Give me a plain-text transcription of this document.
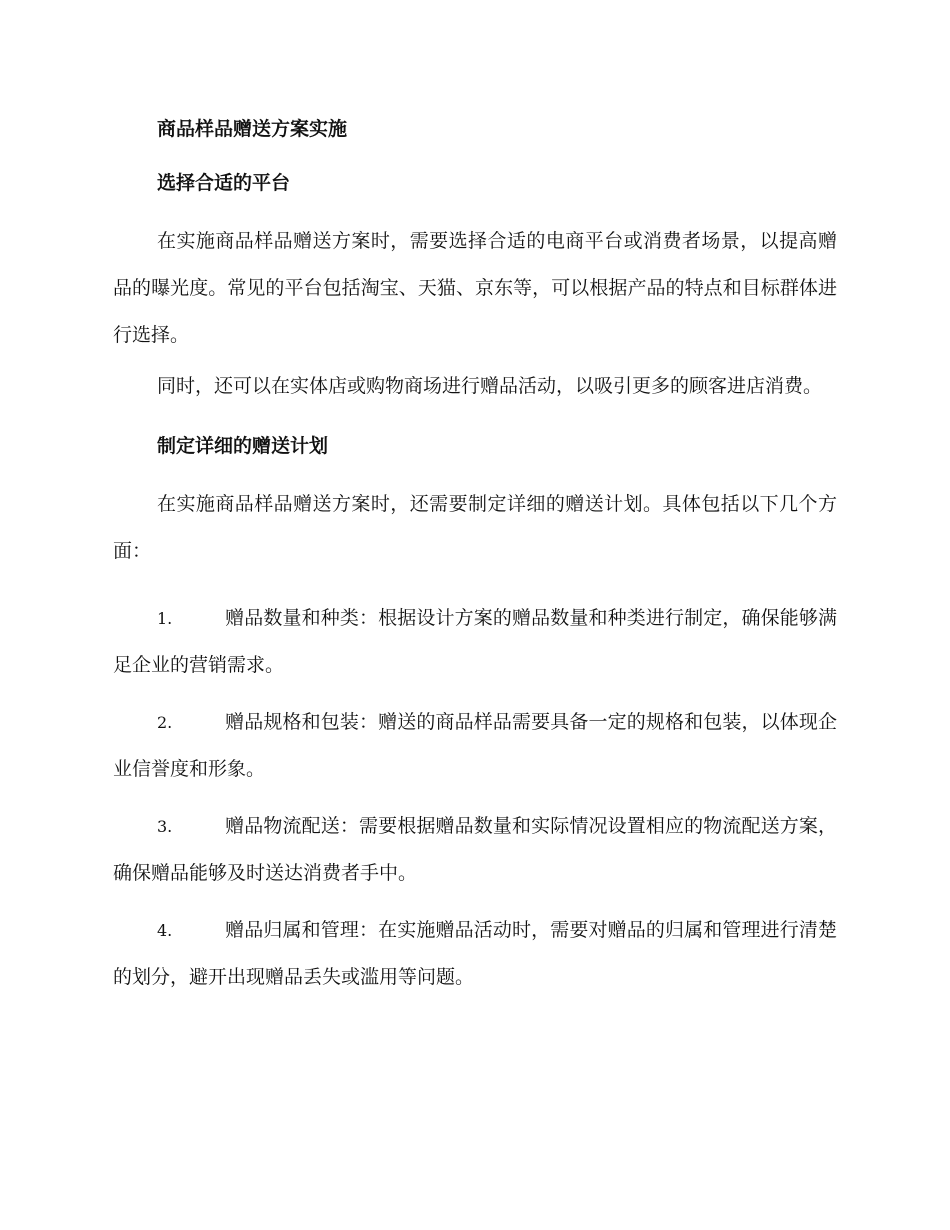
商品样品赠送方案实施
选择合适的平台

在实施商品样品赠送方案时，需要选择合适的电商平台或消费者场景，以提高赠品的曝光度。常见的平台包括淘宝、天猫、京东等，可以根据产品的特点和目标群体进行选择。

同时，还可以在实体店或购物商场进行赠品活动，以吸引更多的顾客进店消费。

制定详细的赠送计划

在实施商品样品赠送方案时，还需要制定详细的赠送计划。具体包括以下几个方面：

1.	赠品数量和种类：根据设计方案的赠品数量和种类进行制定，确保能够满足企业的营销需求。

2.	赠品规格和包装：赠送的商品样品需要具备一定的规格和包装，以体现企业信誉度和形象。

3.	赠品物流配送：需要根据赠品数量和实际情况设置相应的物流配送方案，确保赠品能够及时送达消费者手中。

4.	赠品归属和管理：在实施赠品活动时，需要对赠品的归属和管理进行清楚的划分，避开出现赠品丢失或滥用等问题。
